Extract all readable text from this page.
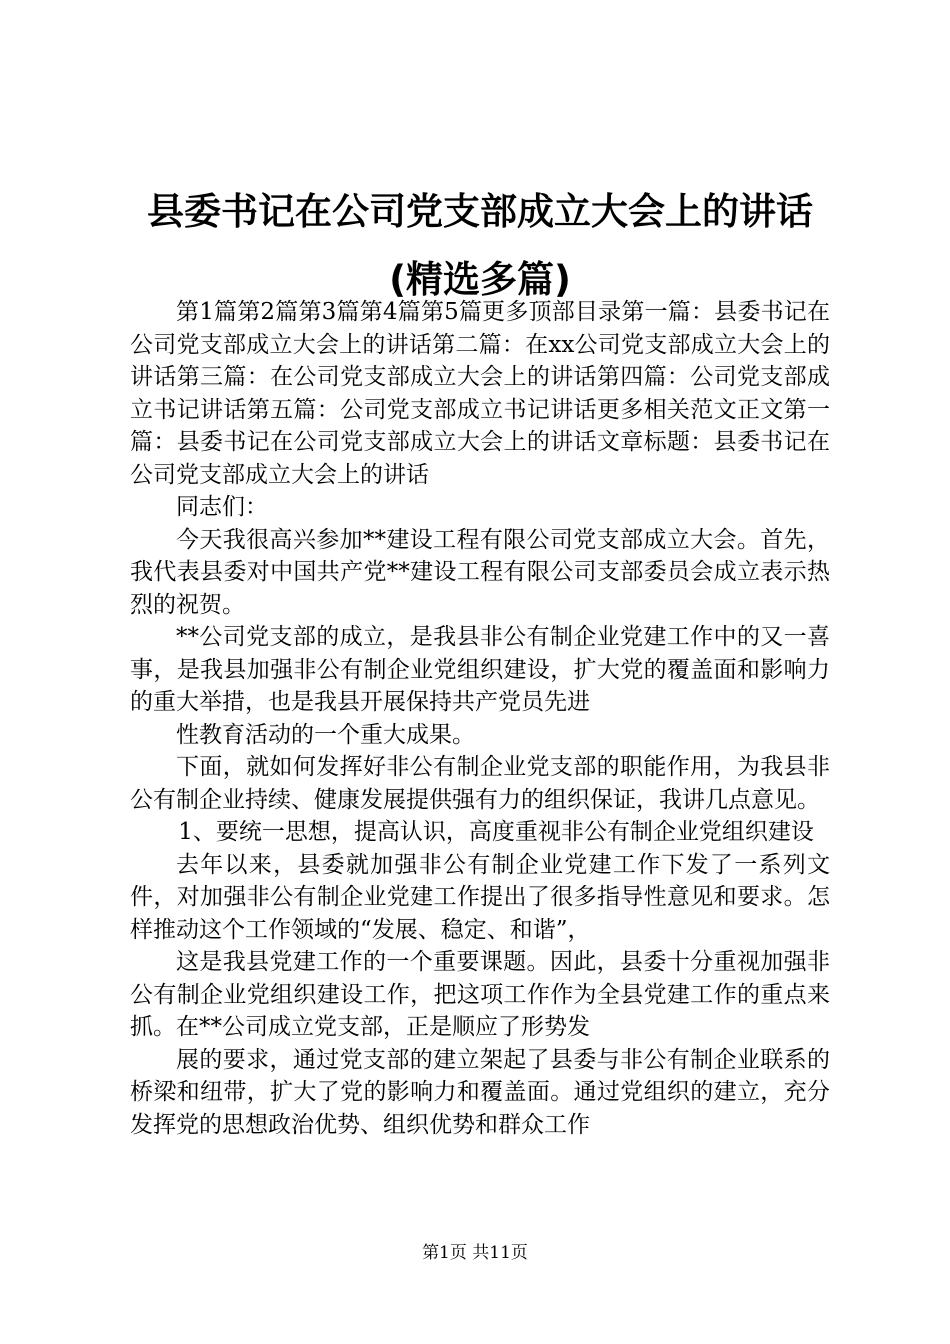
县委书记在公司党支部成立大会上的讲话(精选多篇)

第1篇第2篇第3篇第4篇第5篇更多顶部目录第一篇：县委书记在公司党支部成立大会上的讲话第二篇：在xx公司党支部成立大会上的讲话第三篇：在公司党支部成立大会上的讲话第四篇：公司党支部成立书记讲话第五篇：公司党支部成立书记讲话更多相关范文正文第一篇：县委书记在公司党支部成立大会上的讲话文章标题：县委书记在公司党支部成立大会上的讲话

同志们：

今天我很高兴参加**建设工程有限公司党支部成立大会。首先，我代表县委对中国共产党**建设工程有限公司支部委员会成立表示热烈的祝贺。

**公司党支部的成立，是我县非公有制企业党建工作中的又一喜事，是我县加强非公有制企业党组织建设，扩大党的覆盖面和影响力的重大举措，也是我县开展保持共产党员先进

性教育活动的一个重大成果。

下面，就如何发挥好非公有制企业党支部的职能作用，为我县非公有制企业持续、健康发展提供强有力的组织保证，我讲几点意见。

1、要统一思想，提高认识，高度重视非公有制企业党组织建设

去年以来，县委就加强非公有制企业党建工作下发了一系列文件，对加强非公有制企业党建工作提出了很多指导性意见和要求。怎样推动这个工作领域的“发展、稳定、和谐”，

这是我县党建工作的一个重要课题。因此，县委十分重视加强非公有制企业党组织建设工作，把这项工作作为全县党建工作的重点来抓。在**公司成立党支部，正是顺应了形势发

展的要求，通过党支部的建立架起了县委与非公有制企业联系的桥梁和纽带，扩大了党的影响力和覆盖面。通过党组织的建立，充分发挥党的思想政治优势、组织优势和群众工作

第1页 共11页
